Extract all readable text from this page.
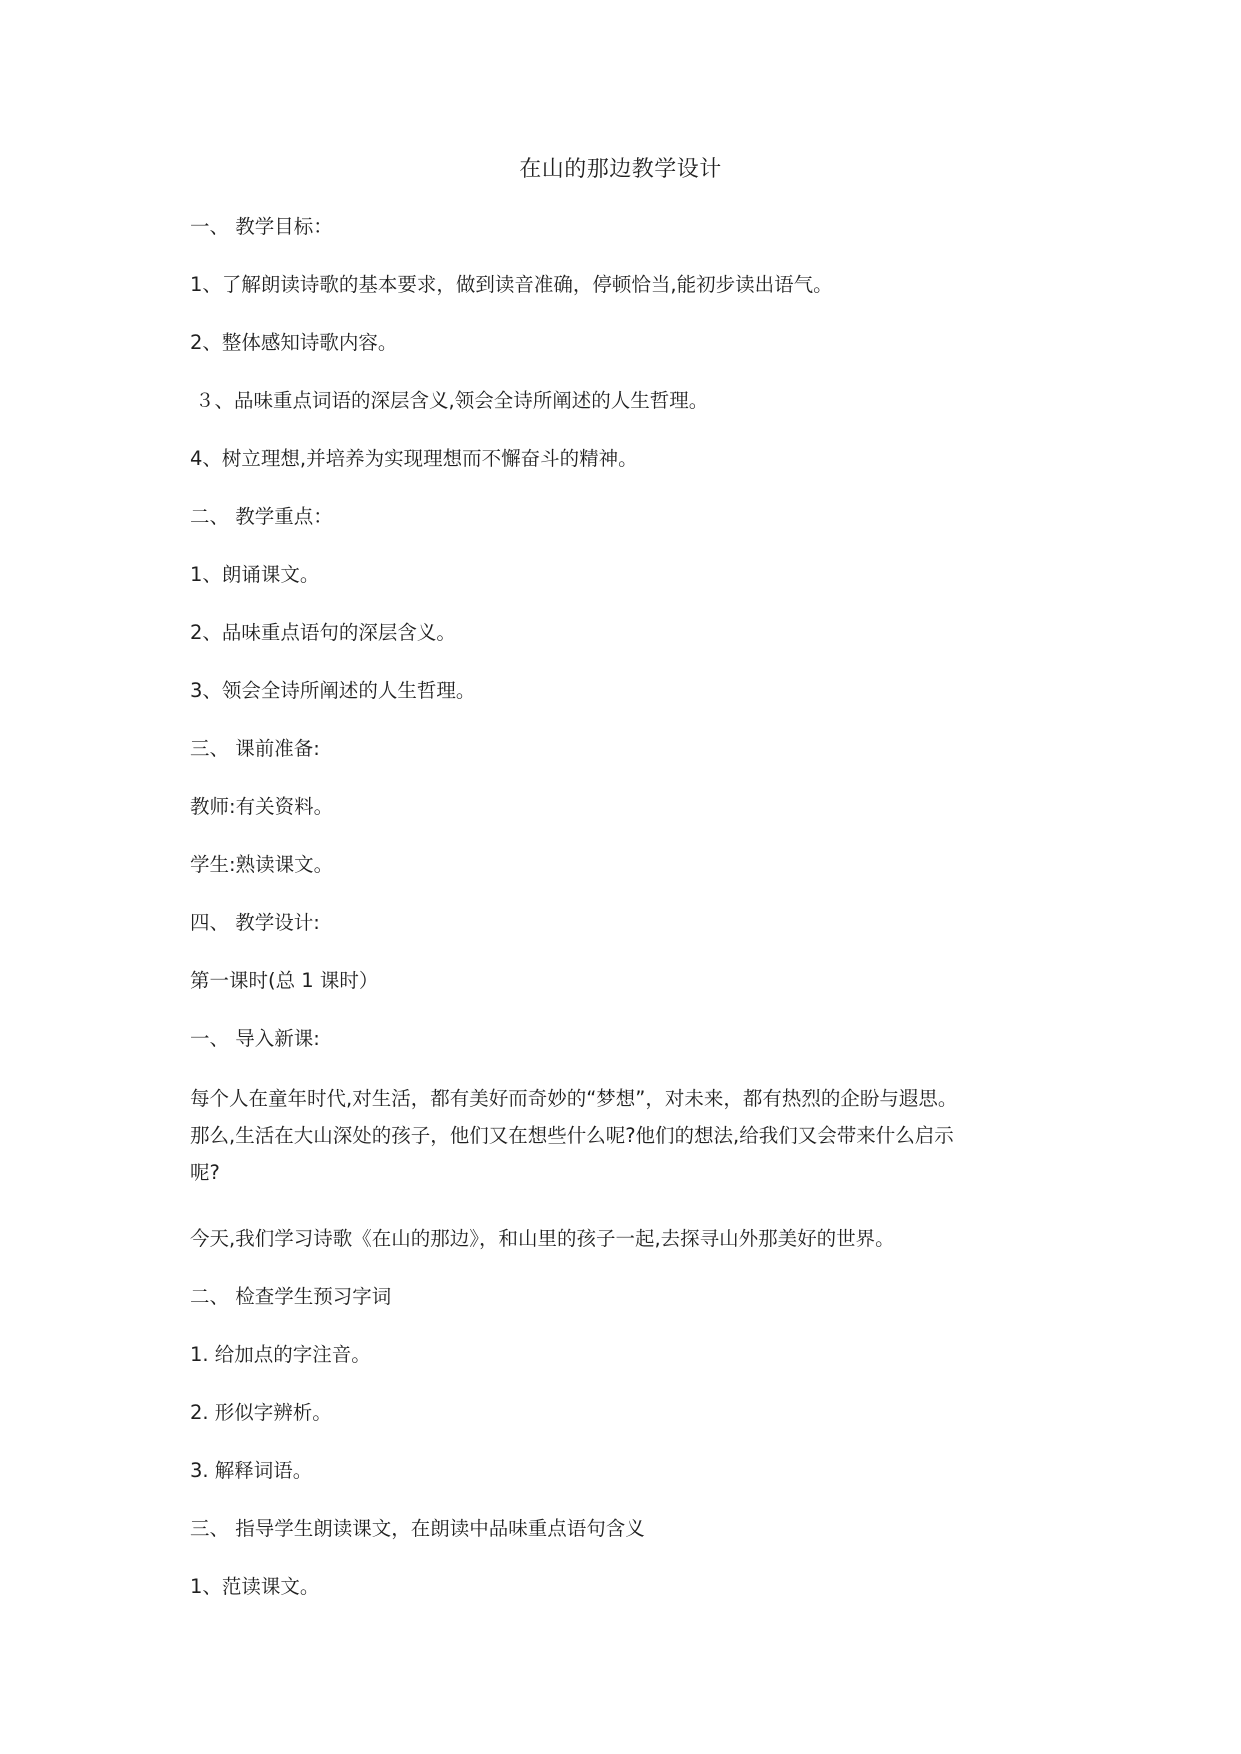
在山的那边教学设计
一、 教学目标：
1、了解朗读诗歌的基本要求，做到读音准确，停顿恰当,能初步读出语气。
2、整体感知诗歌内容。
３、品味重点词语的深层含义,领会全诗所阐述的人生哲理。
4、树立理想,并培养为实现理想而不懈奋斗的精神。
二、 教学重点：
1、朗诵课文。
2、品味重点语句的深层含义。
3、领会全诗所阐述的人生哲理。
三、 课前准备:
教师:有关资料。
学生:熟读课文。
四、 教学设计:
第一课时(总 1 课时）
一、 导入新课:
每个人在童年时代,对生活，都有美好而奇妙的“梦想”，对未来，都有热烈的企盼与遐思。
那么,生活在大山深处的孩子，他们又在想些什么呢?他们的想法,给我们又会带来什么启示
呢?
今天,我们学习诗歌《在山的那边》，和山里的孩子一起,去探寻山外那美好的世界。
二、 检查学生预习字词
1. 给加点的字注音。
2. 形似字辨析。
3. 解释词语。
三、 指导学生朗读课文，在朗读中品味重点语句含义
1、范读课文。
